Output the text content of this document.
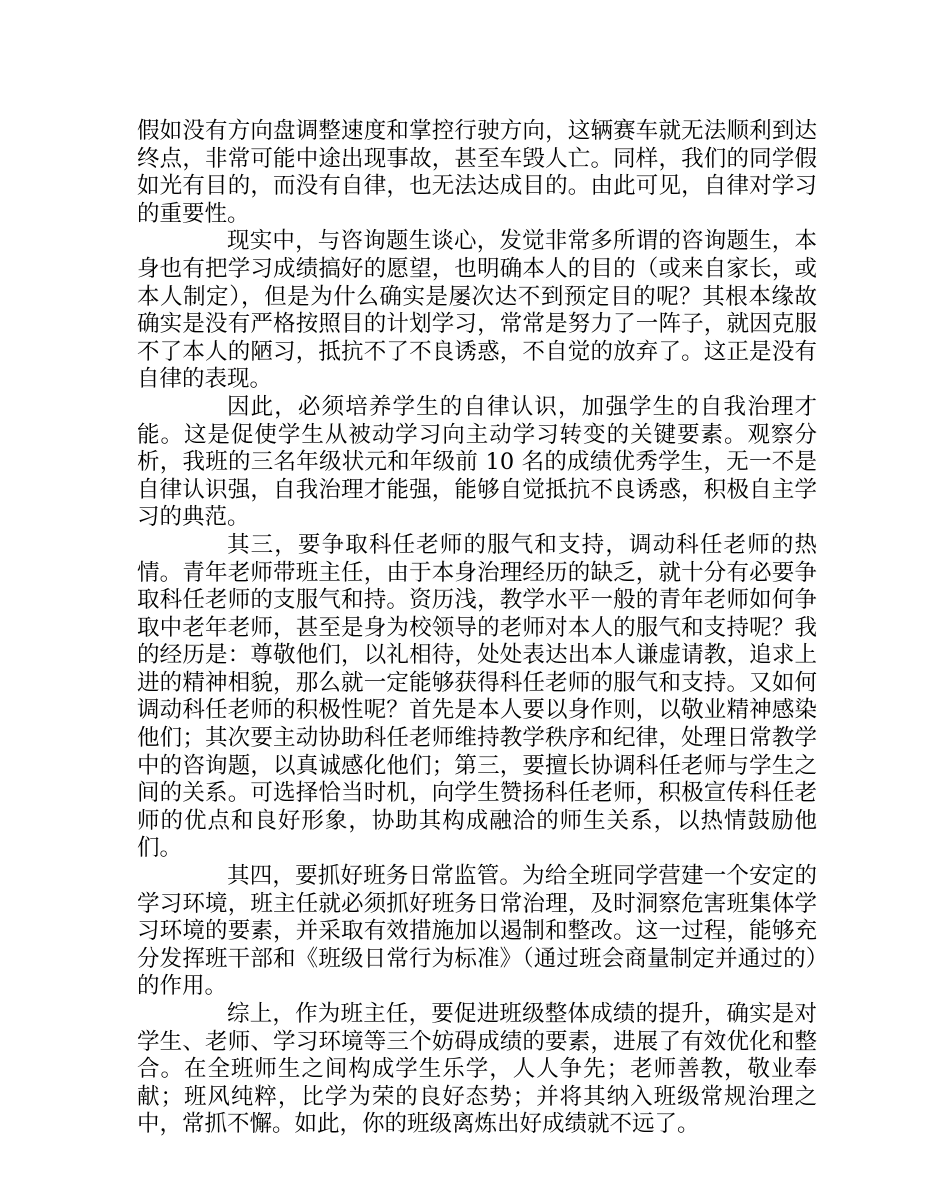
假如没有方向盘调整速度和掌控行驶方向，这辆赛车就无法顺利到达终点，非常可能中途出现事故，甚至车毁人亡。同样，我们的同学假如光有目的，而没有自律，也无法达成目的。由此可见，自律对学习的重要性。

现实中，与咨询题生谈心，发觉非常多所谓的咨询题生，本身也有把学习成绩搞好的愿望，也明确本人的目的（或来自家长，或本人制定），但是为什么确实是屡次达不到预定目的呢？其根本缘故确实是没有严格按照目的计划学习，常常是努力了一阵子，就因克服不了本人的陋习，抵抗不了不良诱惑，不自觉的放弃了。这正是没有自律的表现。

因此，必须培养学生的自律认识，加强学生的自我治理才能。这是促使学生从被动学习向主动学习转变的关键要素。观察分析，我班的三名年级状元和年级前 10 名的成绩优秀学生，无一不是自律认识强，自我治理才能强，能够自觉抵抗不良诱惑，积极自主学习的典范。

其三，要争取科任老师的服气和支持，调动科任老师的热情。青年老师带班主任，由于本身治理经历的缺乏，就十分有必要争取科任老师的支服气和持。资历浅，教学水平一般的青年老师如何争取中老年老师，甚至是身为校领导的老师对本人的服气和支持呢？我的经历是：尊敬他们，以礼相待，处处表达出本人谦虚请教，追求上进的精神相貌，那么就一定能够获得科任老师的服气和支持。又如何调动科任老师的积极性呢？首先是本人要以身作则，以敬业精神感染他们；其次要主动协助科任老师维持教学秩序和纪律，处理日常教学中的咨询题，以真诚感化他们；第三，要擅长协调科任老师与学生之间的关系。可选择恰当时机，向学生赞扬科任老师，积极宣传科任老师的优点和良好形象，协助其构成融洽的师生关系，以热情鼓励他们。

其四，要抓好班务日常监管。为给全班同学营建一个安定的学习环境，班主任就必须抓好班务日常治理，及时洞察危害班集体学习环境的要素，并采取有效措施加以遏制和整改。这一过程，能够充分发挥班干部和《班级日常行为标准》（通过班会商量制定并通过的）的作用。

综上，作为班主任，要促进班级整体成绩的提升，确实是对学生、老师、学习环境等三个妨碍成绩的要素，进展了有效优化和整合。在全班师生之间构成学生乐学，人人争先；老师善教，敬业奉献；班风纯粹，比学为荣的良好态势；并将其纳入班级常规治理之中，常抓不懈。如此，你的班级离炼出好成绩就不远了。
